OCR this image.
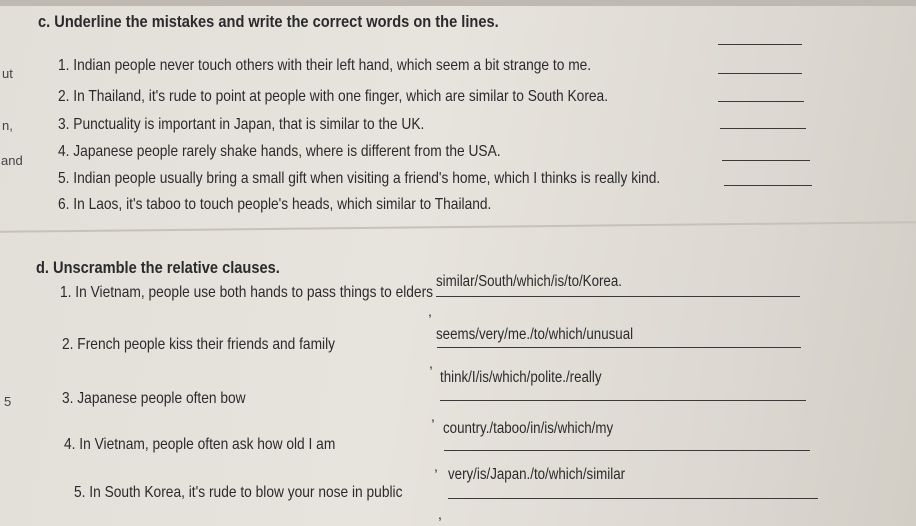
ut
n,
and
5
c. Underline the mistakes and write the correct words on the lines.
1. Indian people never touch others with their left hand, which seem a bit strange to me.
2. In Thailand, it's rude to point at people with one finger, which are similar to South Korea.
3. Punctuality is important in Japan, that is similar to the UK.
4. Japanese people rarely shake hands, where is different from the USA.
5. Indian people usually bring a small gift when visiting a friend's home, which I thinks is really kind.
6. In Laos, it's taboo to touch people's heads, which similar to Thailand.
d. Unscramble the relative clauses.
1. In Vietnam, people use both hands to pass things to elders
similar/South/which/is/to/Korea.
,
2. French people kiss their friends and family
seems/very/me./to/which/unusual
,
3. Japanese people often bow
think/I/is/which/polite./really
,
4. In Vietnam, people often ask how old I am
country./taboo/in/is/which/my
,
5. In South Korea, it's rude to blow your nose in public
very/is/Japan./to/which/similar
,
